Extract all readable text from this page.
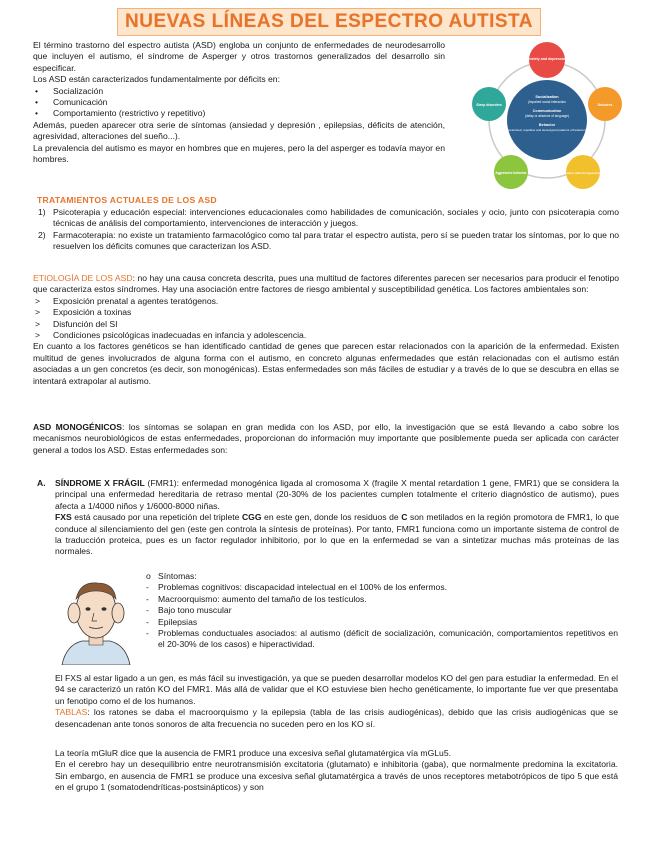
NUEVAS LÍNEAS DEL ESPECTRO AUTISTA
El término trastorno del espectro autista (ASD) engloba un conjunto de enfermedades de neurodesarrollo que incluyen el autismo, el síndrome de Asperger y otros trastornos generalizados del desarrollo sin especificar.
Los ASD están caracterizados fundamentalmente por déficits en:
• Socialización
• Comunicación
• Comportamiento (restrictivo y repetitivo)
Además, pueden aparecer otra serie de síntomas (ansiedad y depresión , epilepsias, déficits de atención, agresividad, alteraciones del sueño...).
La prevalencia del autismo es mayor en hombres que en mujeres, pero la del asperger es todavía mayor en hombres.
Socialization
(impaired social interaction
Communication
(delay or absence of language)
Behavior
(restricted, repetitive and stereotyped patterns of behavior)
Anxiety and depression
Seizures
Attention deficits Hyperactivity
Aggressive behavior
Sleep disorders
TRATAMIENTOS ACTUALES DE LOS ASD
1) Psicoterapia y educación especial: intervenciones educacionales como habilidades de comunicación, sociales y ocio, junto con psicoterapia como técnicas de análisis del comportamiento, intervenciones de interacción y juegos.
2) Farmacoterapia: no existe un tratamiento farmacológico como tal para tratar el espectro autista, pero sí se pueden tratar los síntomas, por lo que no resuelven los déficits comunes que caracterizan los ASD.
ETIOLOGÍA DE LOS ASD: no hay una causa concreta descrita, pues una multitud de factores diferentes parecen ser necesarios para producir el fenotipo que caracteriza estos síndromes. Hay una asociación entre factores de riesgo ambiental y susceptibilidad genética. Los factores ambientales son:
> Exposición prenatal a agentes teratógenos.
> Exposición a toxinas
> Disfunción del SI
> Condiciones psicológicas inadecuadas en infancia y adolescencia.
En cuanto a los factores genéticos se han identificado cantidad de genes que parecen estar relacionados con la aparición de la enfermedad. Existen multitud de genes involucrados de alguna forma con el autismo, en concreto algunas enfermedades que están relacionadas con el autismo están asociadas a un gen concretos (es decir, son monogénicas). Estas enfermedades son más fáciles de estudiar y a través de lo que se descubra en ellas se intentará extrapolar al autismo.
ASD MONOGÉNICOS: los síntomas se solapan en gran medida con los ASD, por ello, la investigación que se está llevando a cabo sobre los mecanismos neurobiológicos de estas enfermedades, proporcionan do información muy importante que posiblemente pueda ser aplicada con carácter general a todos los ASD. Estas enfermedades son:
A. SÍNDROME X FRÁGIL (FMR1): enfermedad monogénica ligada al cromosoma X (fragile X mental retardation 1 gene, FMR1) que se considera la principal una enfermedad hereditaria de retraso mental (20-30% de los pacientes cumplen totalmente el criterio diagnóstico de autismo), pues afecta a 1/4000 niños y 1/6000-8000 niñas.
FXS está causado por una repetición del triplete CGG en este gen, donde los residuos de C son metilados en la región promotora de FMR1, lo que conduce al silenciamiento del gen (este gen controla la síntesis de proteínas). Por tanto, FMR1 funciona como un importante sistema de control de la traducción proteica, pues es un factor regulador inhibitorio, por lo que en la enfermedad se van a sintetizar muchas más proteínas de las normales.
o Síntomas:
- Problemas cognitivos: discapacidad intelectual en el 100% de los enfermos.
- Macroorquismo: aumento del tamaño de los testículos.
- Bajo tono muscular
- Epilepsias
- Problemas conductuales asociados: al autismo (déficit de socialización, comunicación, comportamientos repetitivos en el 20-30% de los casos) e hiperactividad.
El FXS al estar ligado a un gen, es más fácil su investigación, ya que se pueden desarrollar modelos KO del gen para estudiar la enfermedad. En el 94 se caracterizó un ratón KO del FMR1. Más allá de validar que el KO estuviese bien hecho genéticamente, lo importante fue ver que presentaba un fenotipo como el de los humanos.
TABLAS: los ratones se daba el macroorquismo y la epilepsia (tabla de las crisis audiogénicas), debido que las crisis audiogénicas que se desencadenan ante tonos sonoros de alta frecuencia no suceden pero en los KO sí.
La teoría mGluR dice que la ausencia de FMR1 produce una excesiva señal glutamatérgica vía mGLu5.
En el cerebro hay un desequilibrio entre neurotransmisión excitatoria (glutamato) e inhibitoria (gaba), que normalmente predomina la excitatoria. Sin embargo, en ausencia de FMR1 se produce una excesiva señal glutamatérgica a través de unos receptores metabotrópicos de tipo 5 que está en el grupo 1 (somatodendríticas-postsinápticos) y son
